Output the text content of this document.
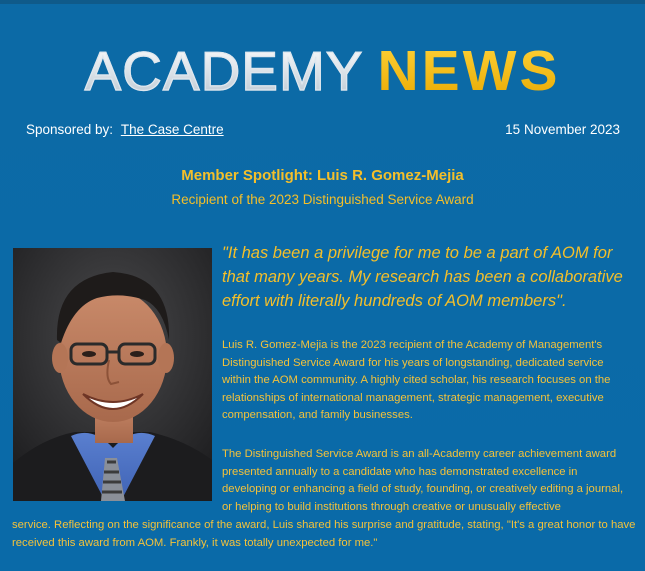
ACADEMY NEWS
Sponsored by: The Case Centre	15 November 2023
Member Spotlight: Luis R. Gomez-Mejia
Recipient of the 2023 Distinguished Service Award
"It has been a privilege for me to be a part of AOM for that many years. My research has been a collaborative effort with literally hundreds of AOM members".
Luis R. Gomez-Mejia is the 2023 recipient of the Academy of Management's Distinguished Service Award for his years of longstanding, dedicated service within the AOM community. A highly cited scholar, his research focuses on the relationships of international management, strategic management, executive compensation, and family businesses.
The Distinguished Service Award is an all-Academy career achievement award presented annually to a candidate who has demonstrated excellence in developing or enhancing a field of study, founding, or creatively editing a journal, or helping to build institutions through creative or unusually effective
service. Reflecting on the significance of the award, Luis shared his surprise and gratitude, stating, "It's a great honor to have received this award from AOM. Frankly, it was totally unexpected for me."
